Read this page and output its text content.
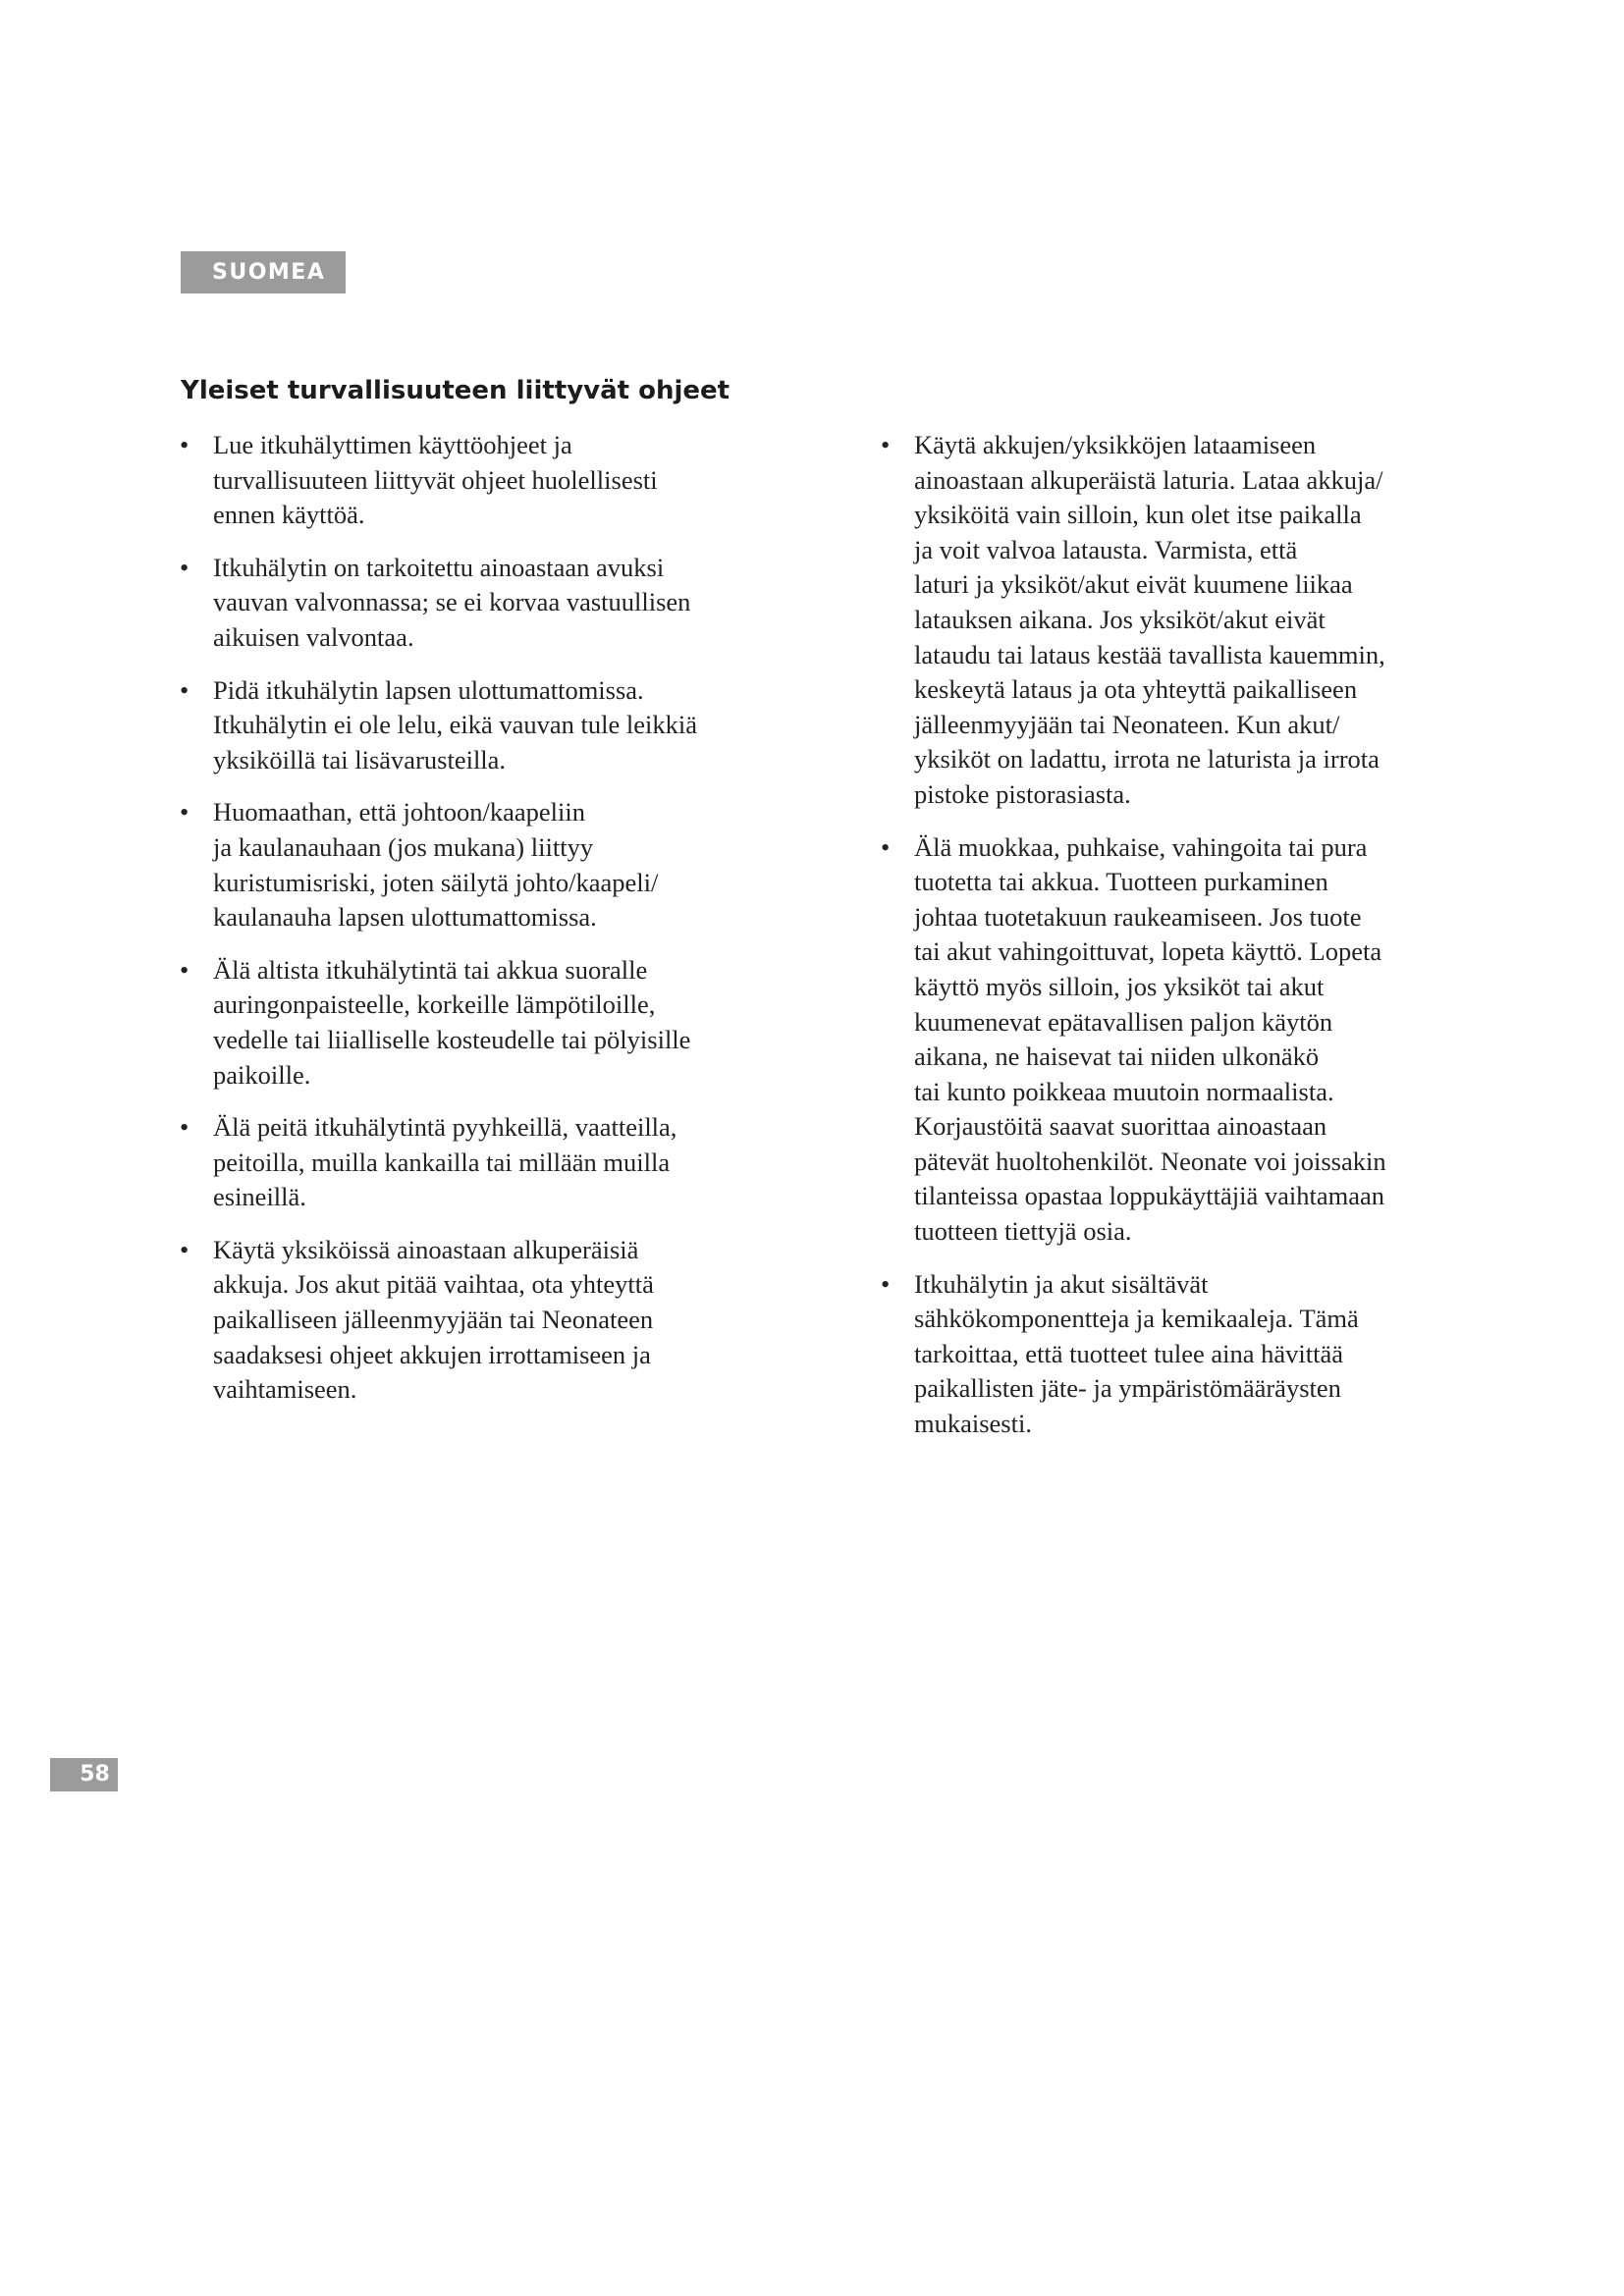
SUOMEA
Yleiset turvallisuuteen liittyvät ohjeet
• Lue itkuhälyttimen käyttöohjeet ja
turvallisuuteen liittyvät ohjeet huolellisesti
ennen käyttöä.
• Itkuhälytin on tarkoitettu ainoastaan avuksi
vauvan valvonnassa; se ei korvaa vastuullisen
aikuisen valvontaa.
• Pidä itkuhälytin lapsen ulottumattomissa.
Itkuhälytin ei ole lelu, eikä vauvan tule leikkiä
yksiköillä tai lisävarusteilla.
• Huomaathan, että johtoon/kaapeliin
ja kaulanauhaan (jos mukana) liittyy
kuristumisriski, joten säilytä johto/kaapeli/
kaulanauha lapsen ulottumattomissa.
• Älä altista itkuhälytintä tai akkua suoralle
auringonpaisteelle, korkeille lämpötiloille,
vedelle tai liialliselle kosteudelle tai pölyisille
paikoille.
• Älä peitä itkuhälytintä pyyhkeillä, vaatteilla,
peitoilla, muilla kankailla tai millään muilla
esineillä.
• Käytä yksiköissä ainoastaan alkuperäisiä
akkuja. Jos akut pitää vaihtaa, ota yhteyttä
paikalliseen jälleenmyyjään tai Neonateen
saadaksesi ohjeet akkujen irrottamiseen ja
vaihtamiseen.
• Käytä akkujen/yksikköjen lataamiseen
ainoastaan alkuperäistä laturia. Lataa akkuja/
yksiköitä vain silloin, kun olet itse paikalla
ja voit valvoa latausta. Varmista, että
laturi ja yksiköt/akut eivät kuumene liikaa
latauksen aikana. Jos yksiköt/akut eivät
lataudu tai lataus kestää tavallista kauemmin,
keskeytä lataus ja ota yhteyttä paikalliseen
jälleenmyyjään tai Neonateen. Kun akut/
yksiköt on ladattu, irrota ne laturista ja irrota
pistoke pistorasiasta.
• Älä muokkaa, puhkaise, vahingoita tai pura
tuotetta tai akkua. Tuotteen purkaminen
johtaa tuotetakuun raukeamiseen. Jos tuote
tai akut vahingoittuvat, lopeta käyttö. Lopeta
käyttö myös silloin, jos yksiköt tai akut
kuumenevat epätavallisen paljon käytön
aikana, ne haisevat tai niiden ulkonäkö
tai kunto poikkeaa muutoin normaalista.
Korjaustöitä saavat suorittaa ainoastaan
pätevät huoltohenkilöt. Neonate voi joissakin
tilanteissa opastaa loppukäyttäjiä vaihtamaan
tuotteen tiettyjä osia.
• Itkuhälytin ja akut sisältävät
sähkökomponentteja ja kemikaaleja. Tämä
tarkoittaa, että tuotteet tulee aina hävittää
paikallisten jäte- ja ympäristömääräysten
mukaisesti.
58
